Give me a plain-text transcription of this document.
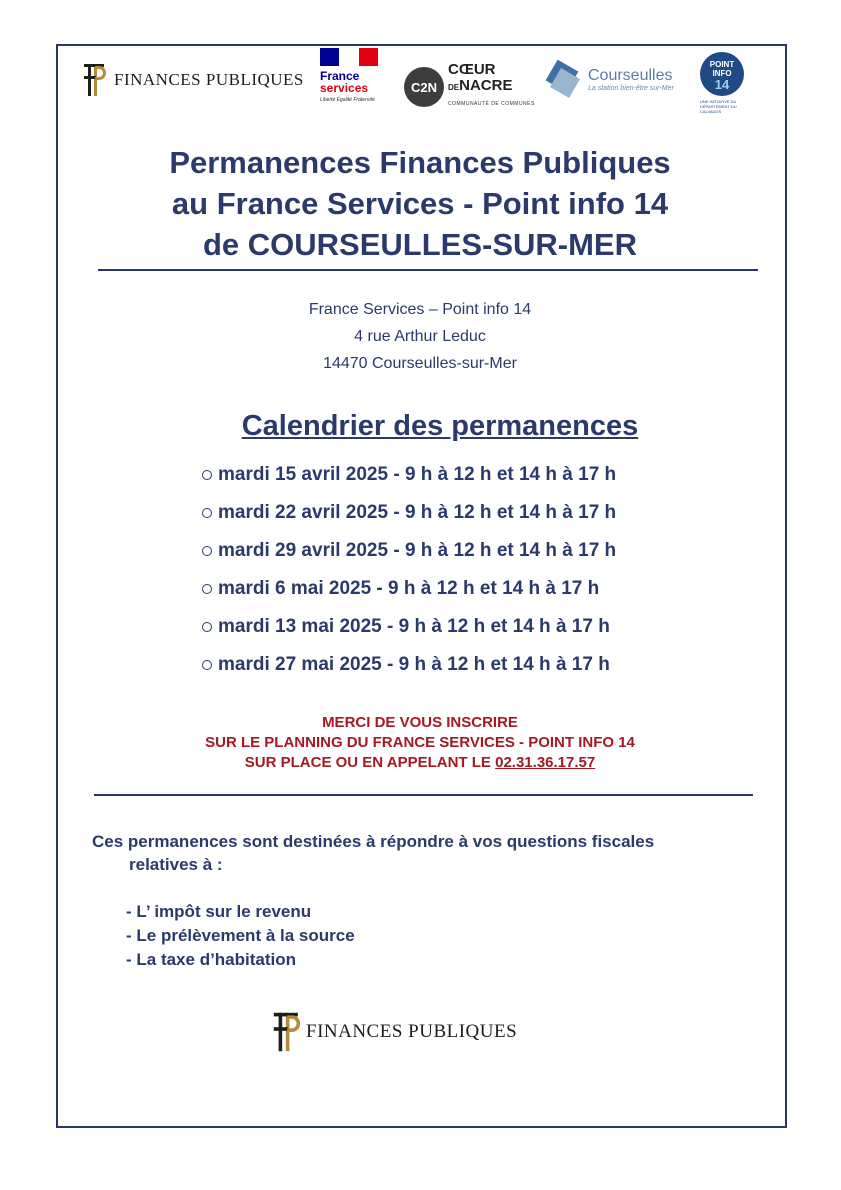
FINANCES PUBLIQUES France
services
Liberté Égalité Fraternité
C2N
CŒUR
DENACRE
COMMUNAUTÉ DE COMMUNES
Courseulles
La station bien-être sur-Mer
POINT
INFO
14
UNE INITIATIVE DU DÉPARTEMENT DU CALVADOS
Permanences Finances Publiques
au France Services - Point info 14
de COURSEULLES-SUR-MER
France Services – Point info 14
4 rue Arthur Leduc
14470 Courseulles-sur-Mer
Calendrier des permanences
mardi 15 avril 2025 - 9 h à 12 h et 14 h à 17 h
mardi 22 avril 2025 - 9 h à 12 h et 14 h à 17 h
mardi 29 avril 2025 - 9 h à 12 h et 14 h à 17 h
mardi 6 mai 2025 - 9 h à 12 h et 14 h à 17 h
mardi 13 mai 2025 - 9 h à 12 h et 14 h à 17 h
mardi 27 mai 2025 - 9 h à 12 h et 14 h à 17 h
MERCI DE VOUS INSCRIRE
SUR LE PLANNING DU FRANCE SERVICES - POINT INFO 14
SUR PLACE OU EN APPELANT LE 02.31.36.17.57
Ces permanences sont destinées à répondre à vos questions fiscales
relatives à :
- L’ impôt sur le revenu
- Le prélèvement à la source
- La taxe d’habitation
FINANCES PUBLIQUES
